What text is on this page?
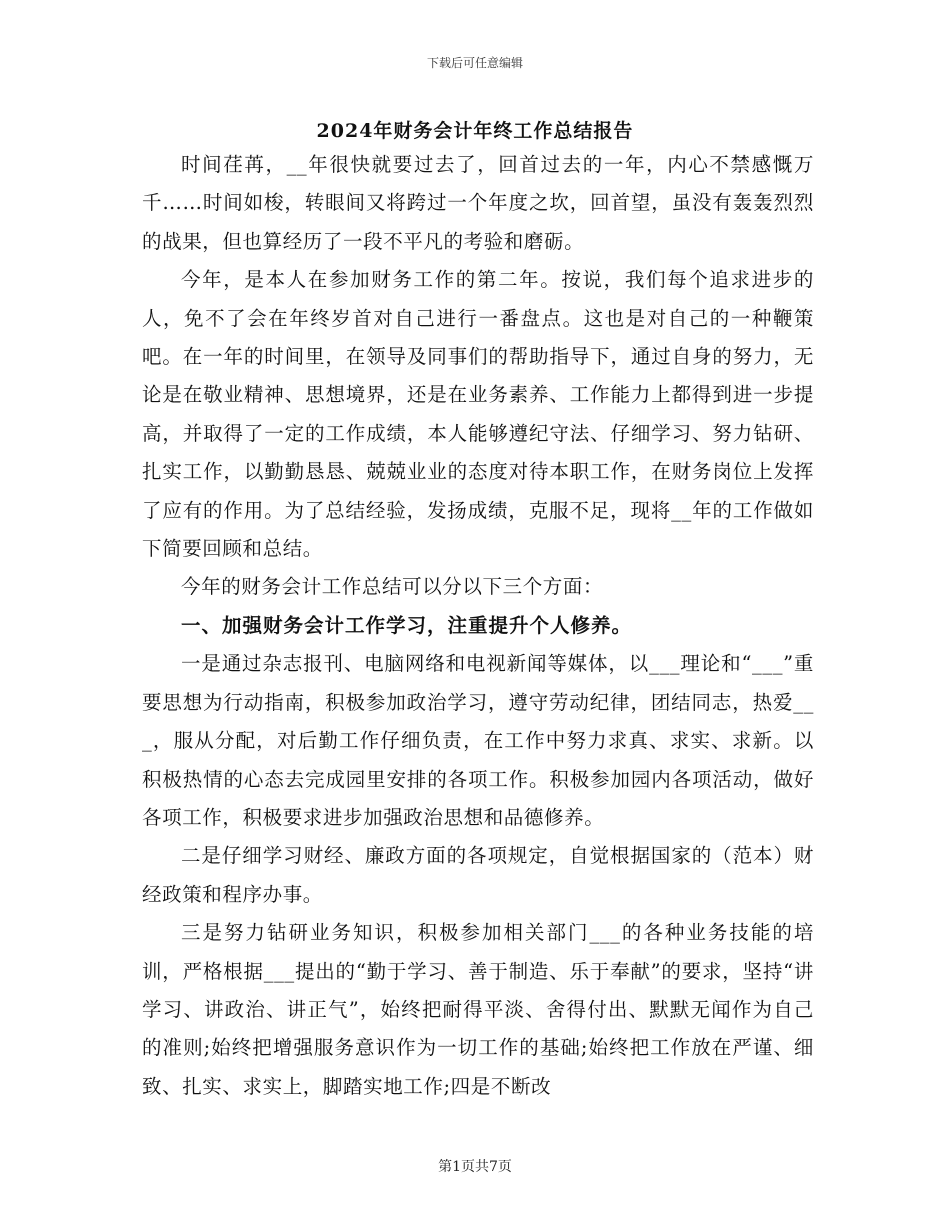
下载后可任意编辑
2024年财务会计年终工作总结报告

时间荏苒，__年很快就要过去了，回首过去的一年，内心不禁感慨万千……时间如梭，转眼间又将跨过一个年度之坎，回首望，虽没有轰轰烈烈的战果，但也算经历了一段不平凡的考验和磨砺。

今年，是本人在参加财务工作的第二年。按说，我们每个追求进步的人，免不了会在年终岁首对自己进行一番盘点。这也是对自己的一种鞭策吧。在一年的时间里，在领导及同事们的帮助指导下，通过自身的努力，无论是在敬业精神、思想境界，还是在业务素养、工作能力上都得到进一步提高，并取得了一定的工作成绩，本人能够遵纪守法、仔细学习、努力钻研、扎实工作，以勤勤恳恳、兢兢业业的态度对待本职工作，在财务岗位上发挥了应有的作用。为了总结经验，发扬成绩，克服不足，现将__年的工作做如下简要回顾和总结。

今年的财务会计工作总结可以分以下三个方面：

一、加强财务会计工作学习，注重提升个人修养。

一是通过杂志报刊、电脑网络和电视新闻等媒体，以___理论和“___”重要思想为行动指南，积极参加政治学习，遵守劳动纪律，团结同志，热爱___，服从分配，对后勤工作仔细负责，在工作中努力求真、求实、求新。以积极热情的心态去完成园里安排的各项工作。积极参加园内各项活动，做好各项工作，积极要求进步加强政治思想和品德修养。

二是仔细学习财经、廉政方面的各项规定，自觉根据国家的（范本）财经政策和程序办事。

三是努力钻研业务知识，积极参加相关部门___的各种业务技能的培训，严格根据___提出的“勤于学习、善于制造、乐于奉献”的要求，坚持“讲学习、讲政治、讲正气”，始终把耐得平淡、舍得付出、默默无闻作为自己的准则;始终把增强服务意识作为一切工作的基础;始终把工作放在严谨、细致、扎实、求实上，脚踏实地工作;四是不断改

第1页共7页
